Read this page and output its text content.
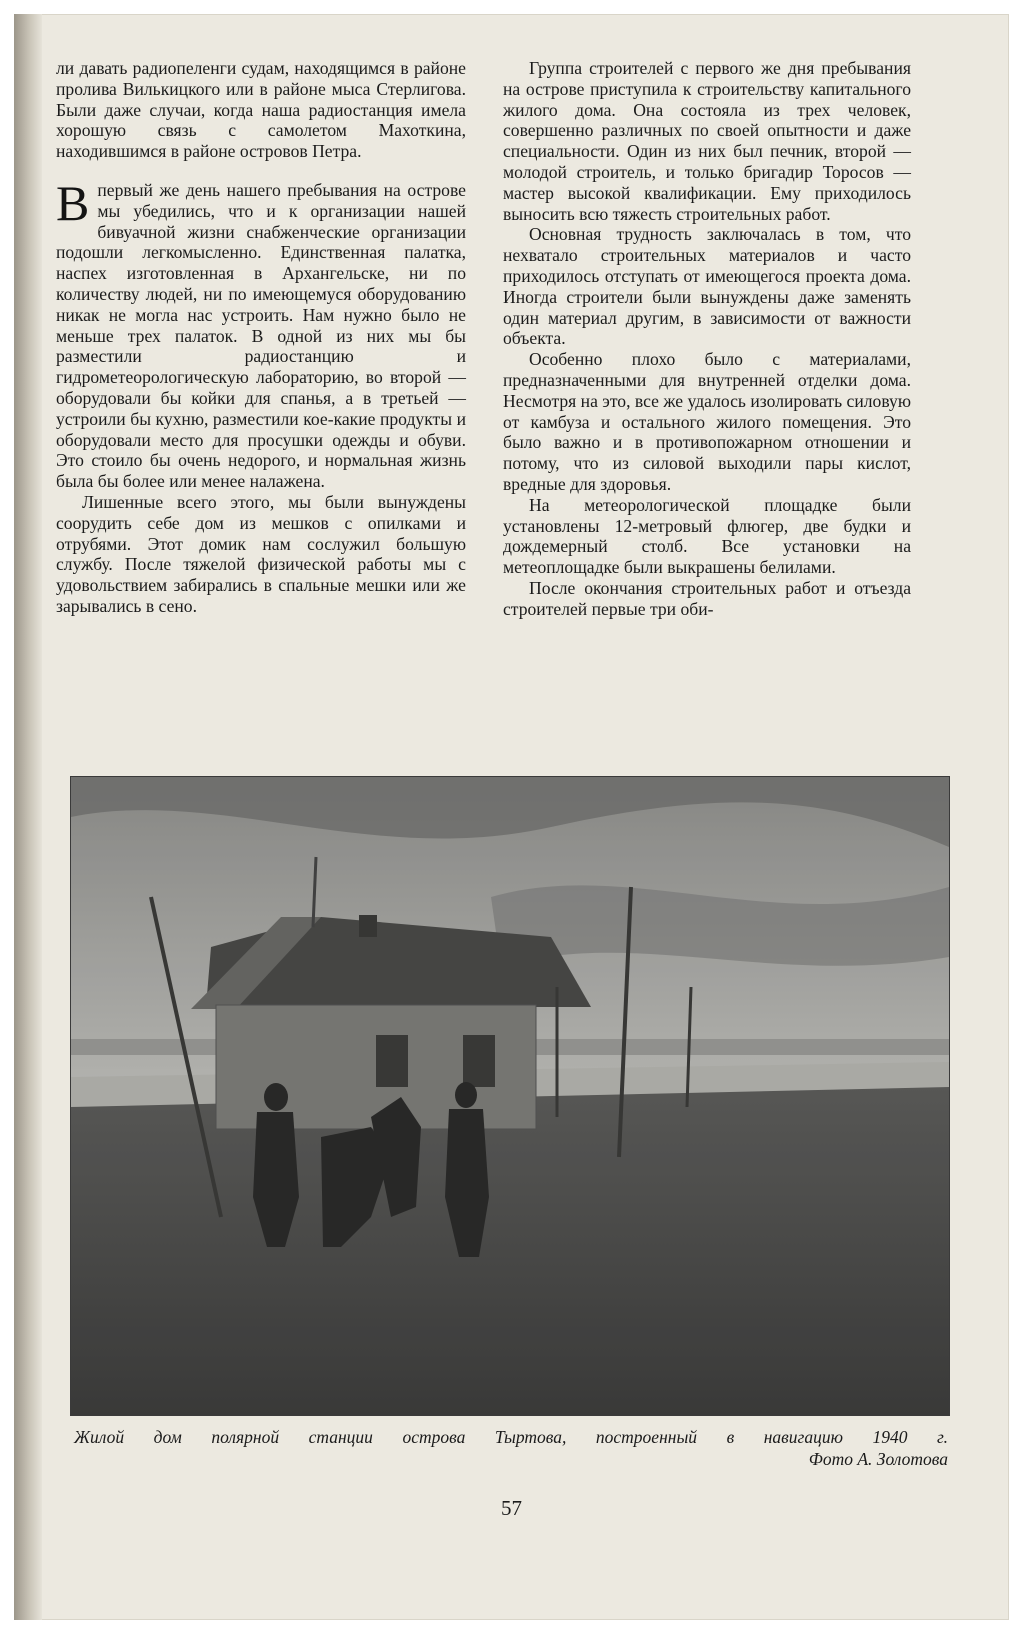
ли давать радиопеленги судам, находящимся в районе пролива Вилькицкого или в районе мыса Стерлигова. Были даже случаи, когда наша радиостанция имела хорошую связь с самолетом Махоткина, находившимся в районе островов Петра.

Впервый же день нашего пребывания на острове мы убедились, что и к организации нашей бивуачной жизни снабженческие организации подошли легкомысленно. Единственная палатка, наспех изготовленная в Архангельске, ни по количеству людей, ни по имеющемуся оборудованию никак не могла нас устроить. Нам нужно было не меньше трех палаток. В одной из них мы бы разместили радиостанцию и гидрометеорологическую лабораторию, во второй — оборудовали бы койки для спанья, а в третьей — устроили бы кухню, разместили кое-какие продукты и оборудовали место для просушки одежды и обуви. Это стоило бы очень недорого, и нормальная жизнь была бы более или менее налажена.

Лишенные всего этого, мы были вынуждены соорудить себе дом из мешков с опилками и отрубями. Этот домик нам сослужил большую службу. После тяжелой физической работы мы с удовольствием забирались в спальные мешки или же зарывались в сено.

Группа строителей с первого же дня пребывания на острове приступила к строительству капитального жилого дома. Она состояла из трех человек, совершенно различных по своей опытности и даже специальности. Один из них был печник, второй — молодой строитель, и только бригадир Торосов — мастер высокой квалификации. Ему приходилось выносить всю тяжесть строительных работ.

Основная трудность заключалась в том, что нехватало строительных материалов и часто приходилось отступать от имеющегося проекта дома. Иногда строители были вынуждены даже заменять один материал другим, в зависимости от важности объекта.

Особенно плохо было с материалами, предназначенными для внутренней отделки дома. Несмотря на это, все же удалось изолировать силовую от камбуза и остального жилого помещения. Это было важно и в противопожарном отношении и потому, что из силовой выходили пары кислот, вредные для здоровья.

На метеорологической площадке были установлены 12-метровый флюгер, две будки и дождемерный столб. Все установки на метеоплощадке были выкрашены белилами.

После окончания строительных работ и отъезда строителей первые три оби-

Жилой дом полярной станции острова Тыртова, построенный в навигацию 1940 г.
Фото А. Золотова
57
